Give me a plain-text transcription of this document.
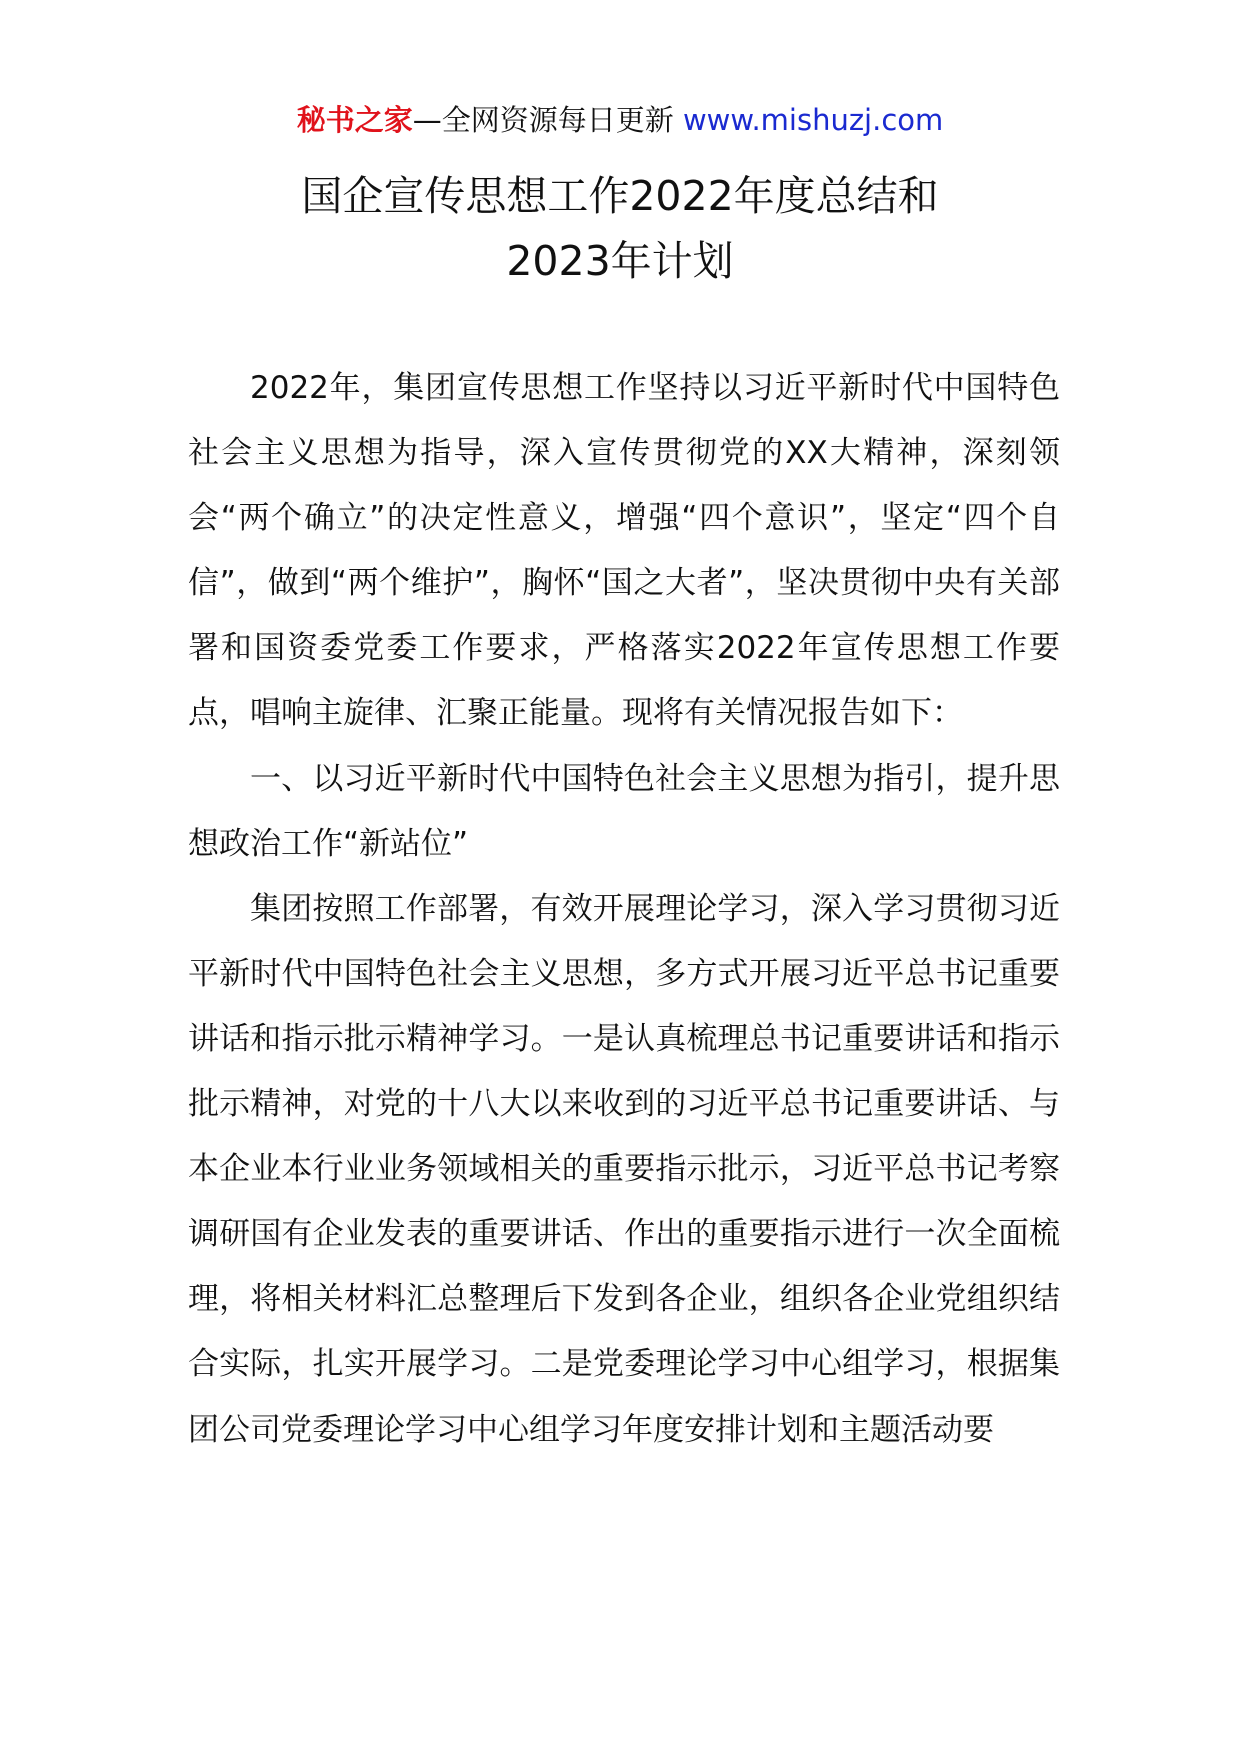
秘书之家—全网资源每日更新 www.mishuzj.com
国企宣传思想工作2022年度总结和
2023年计划

2022年，集团宣传思想工作坚持以习近平新时代中国特色社会主义思想为指导，深入宣传贯彻党的XX大精神，深刻领会“两个确立”的决定性意义，增强“四个意识”，坚定“四个自信”，做到“两个维护”，胸怀“国之大者”，坚决贯彻中央有关部署和国资委党委工作要求，严格落实2022年宣传思想工作要点，唱响主旋律、汇聚正能量。现将有关情况报告如下：

一、以习近平新时代中国特色社会主义思想为指引，提升思想政治工作“新站位”

集团按照工作部署，有效开展理论学习，深入学习贯彻习近平新时代中国特色社会主义思想，多方式开展习近平总书记重要讲话和指示批示精神学习。一是认真梳理总书记重要讲话和指示批示精神，对党的十八大以来收到的习近平总书记重要讲话、与本企业本行业业务领域相关的重要指示批示，习近平总书记考察调研国有企业发表的重要讲话、作出的重要指示进行一次全面梳理，将相关材料汇总整理后下发到各企业，组织各企业党组织结合实际，扎实开展学习。二是党委理论学习中心组学习，根据集团公司党委理论学习中心组学习年度安排计划和主题活动要
